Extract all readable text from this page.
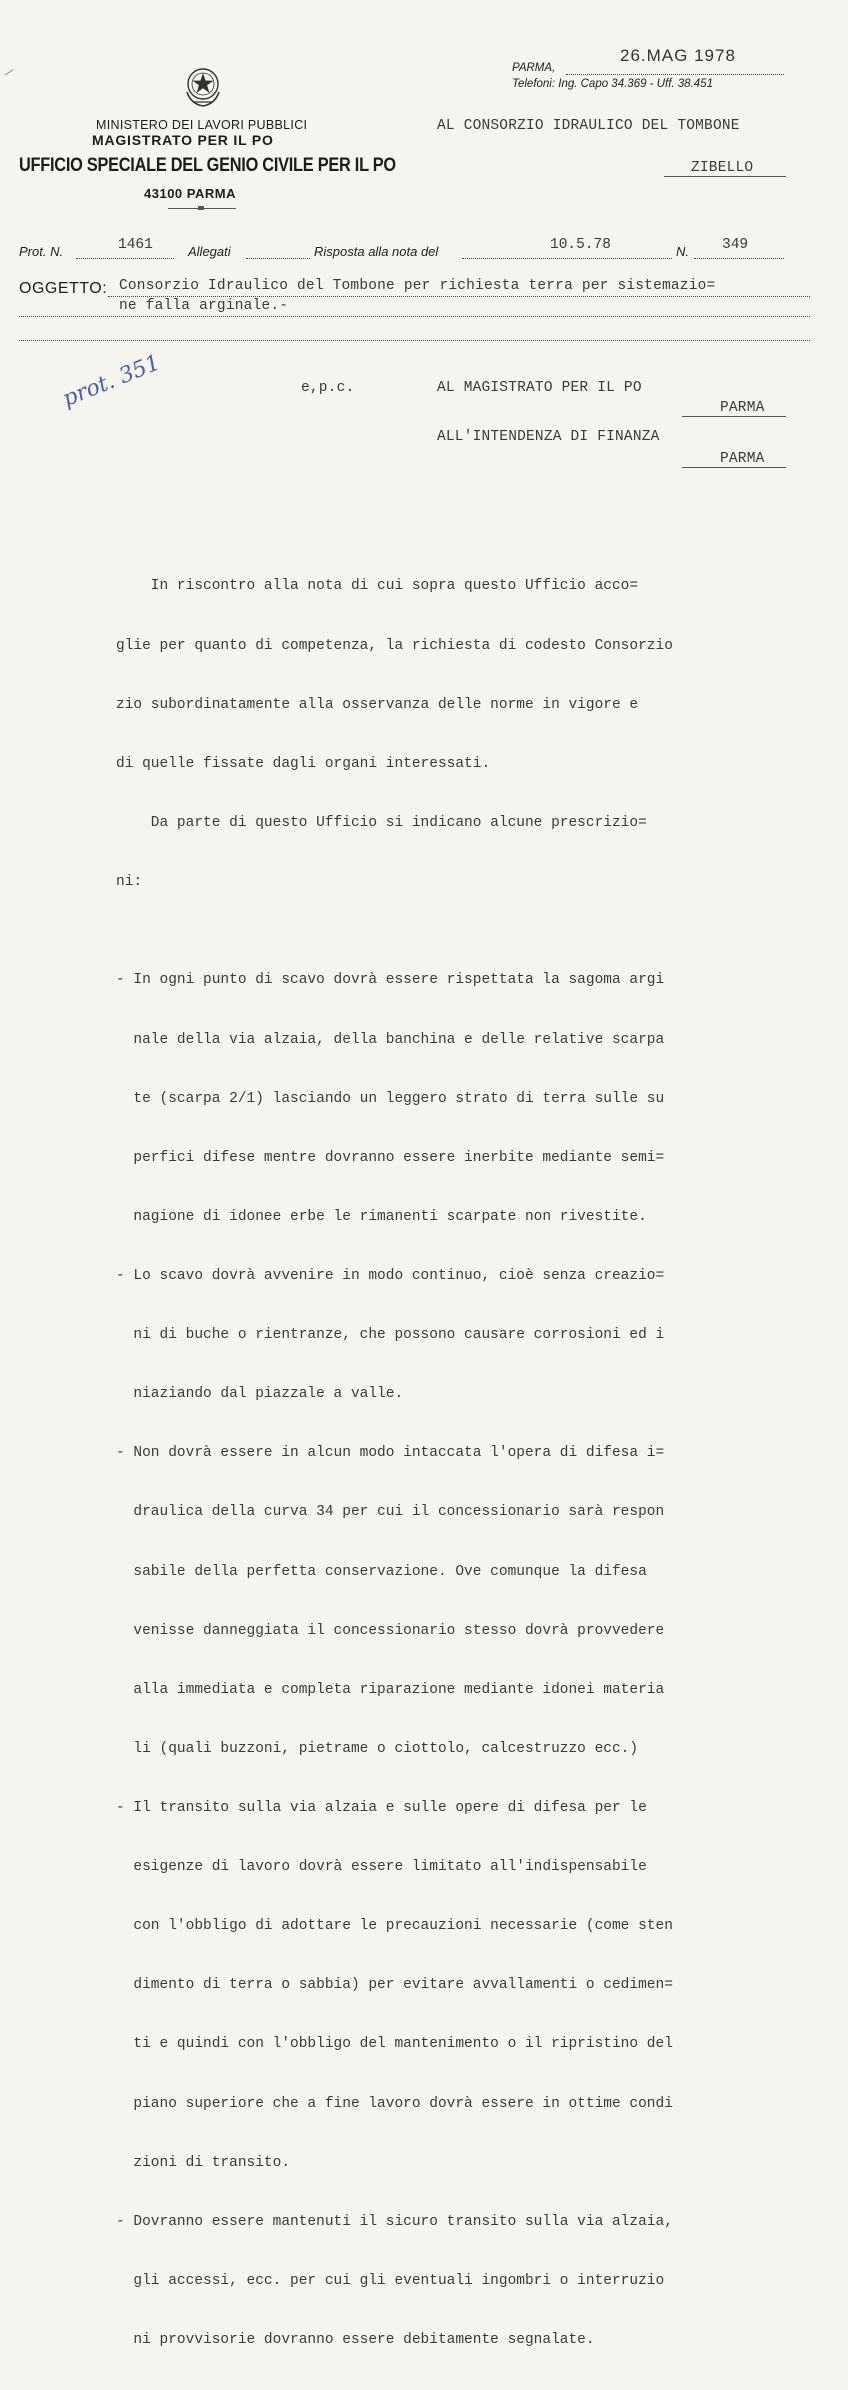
MINISTERO DEI LAVORI PUBBLICI
MAGISTRATO PER IL PO
UFFICIO SPECIALE DEL GENIO CIVILE PER IL PO
43100 PARMA
26.MAG 1978
PARMA,
Telefoni: Ing. Capo 34.369 - Uff. 38.451
AL CONSORZIO IDRAULICO DEL TOMBONE
ZIBELLO
Prot. N.	1461	Allegati	Risposta alla nota del	10.5.78	N. 349
OGGETTO: Consorzio Idraulico del Tombone per richiesta terra per sistemazio=
ne falla arginale.-
prot. 351	e,p.c.	AL MAGISTRATO PER IL PO
PARMA
ALL'INTENDENZA DI FINANZA
PARMA

In riscontro alla nota di cui sopra questo Ufficio acco=

glie per quanto di competenza, la richiesta di codesto Consorzio

zio subordinatamente alla osservanza delle norme in vigore e

di quelle fissate dagli organi interessati.

Da parte di questo Ufficio si indicano alcune prescrizio=

ni:

- In ogni punto di scavo dovrà essere rispettata la sagoma argi

nale della via alzaia, della banchina e delle relative scarpa

te (scarpa 2/1) lasciando un leggero strato di terra sulle su

perfici difese mentre dovranno essere inerbite mediante semi=

nagione di idonee erbe le rimanenti scarpate non rivestite.

- Lo scavo dovrà avvenire in modo continuo, cioè senza creazio=

ni di buche o rientranze, che possono causare corrosioni ed i

niaziando dal piazzale a valle.

- Non dovrà essere in alcun modo intaccata l'opera di difesa i=

draulica della curva 34 per cui il concessionario sarà respon

sabile della perfetta conservazione. Ove comunque la difesa

venisse danneggiata il concessionario stesso dovrà provvedere

alla immediata e completa riparazione mediante idonei materia

li (quali buzzoni, pietrame o ciottolo, calcestruzzo ecc.)

- Il transito sulla via alzaia e sulle opere di difesa per le

esigenze di lavoro dovrà essere limitato all'indispensabile

con l'obbligo di adottare le precauzioni necessarie (come sten

dimento di terra o sabbia) per evitare avvallamenti o cedimen=

ti e quindi con l'obbligo del mantenimento o il ripristino del

piano superiore che a fine lavoro dovrà essere in ottime condi

zioni di transito.

- Dovranno essere mantenuti il sicuro transito sulla via alzaia,

gli accessi, ecc. per cui gli eventuali ingombri o interruzio

ni provvisorie dovranno essere debitamente segnalate.
